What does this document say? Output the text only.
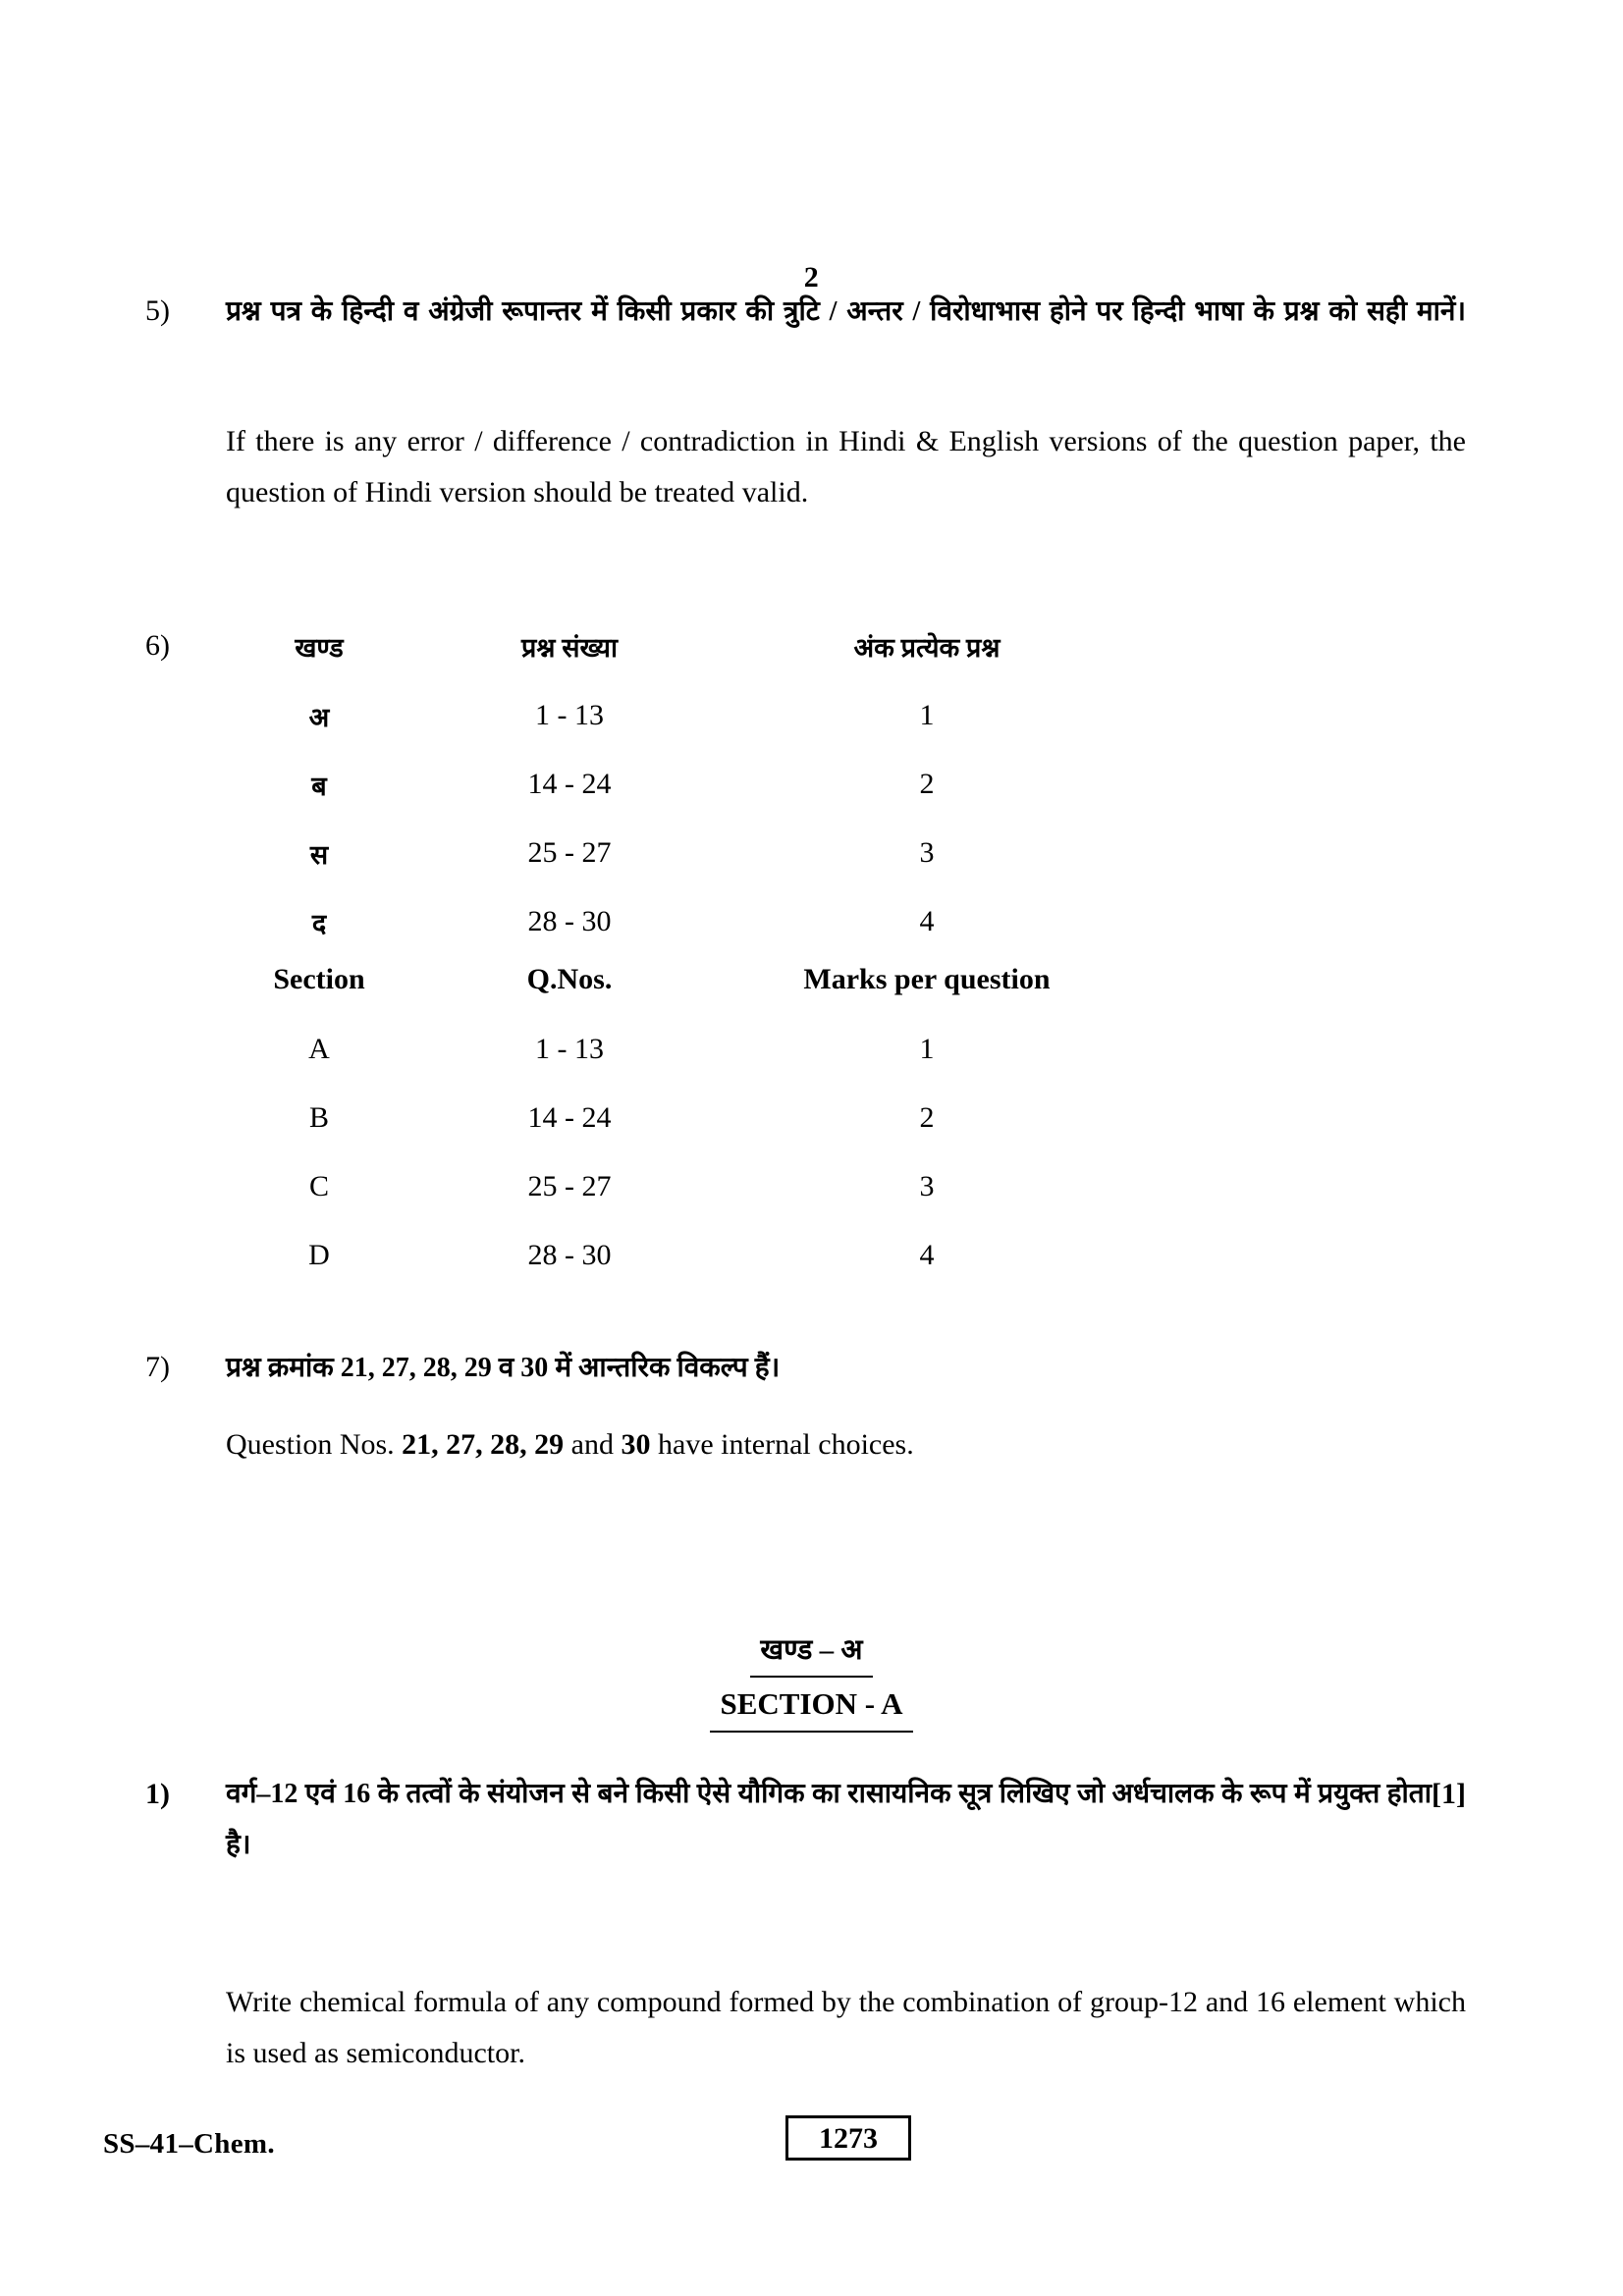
2
5)	प्रश्न पत्र के हिन्दी व अंग्रेजी रूपान्तर में किसी प्रकार की त्रुटि / अन्तर / विरोधाभास होने पर हिन्दी भाषा के प्रश्न को सही मानें।
If there is any error / difference / contradiction in Hindi & English versions of the question paper, the question of Hindi version should be treated valid.
6)	खण्ड	प्रश्न संख्या	अंक प्रत्येक प्रश्न
	अ	1 - 13	1
	ब	14 - 24	2
	स	25 - 27	3
	द	28 - 30	4
	Section	Q.Nos.	Marks per question
	A	1 - 13	1
	B	14 - 24	2
	C	25 - 27	3
	D	28 - 30	4
7)	प्रश्न क्रमांक 21, 27, 28, 29 व 30 में आन्तरिक विकल्प हैं।
Question Nos. 21, 27, 28, 29 and 30 have internal choices.
खण्ड – अ
SECTION - A
1)	[1]
वर्ग–12 एवं 16 के तत्वों के संयोजन से बने किसी ऐसे यौगिक का रासायनिक सूत्र लिखिए जो अर्धचालक के रूप में प्रयुक्त होता है।
Write chemical formula of any compound formed by the combination of group-12 and 16 element which is used as semiconductor.
SS–41–Chem.	1273
